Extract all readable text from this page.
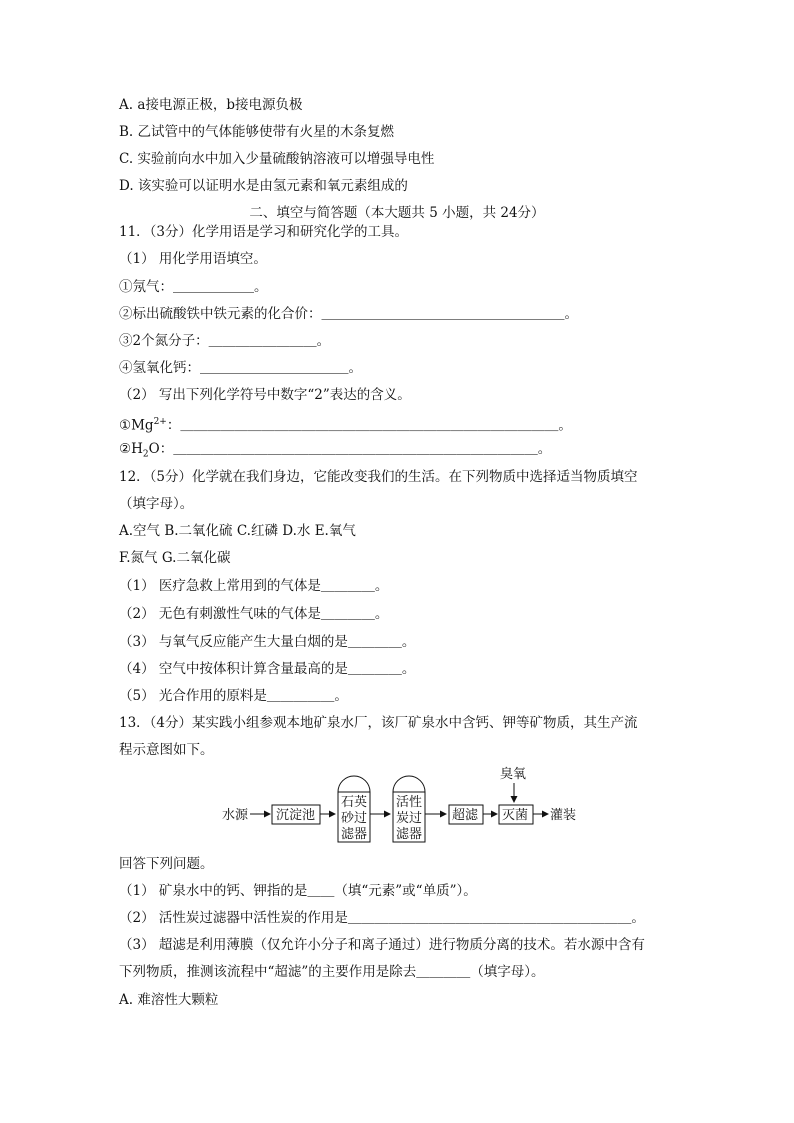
A. a接电源正极，b接电源负极
B. 乙试管中的气体能够使带有火星的木条复燃
C. 实验前向水中加入少量硫酸钠溶液可以增强导电性
D. 该实验可以证明水是由氢元素和氧元素组成的
二、填空与简答题（本大题共 5 小题，共 24分）
11．（3分）化学用语是学习和研究化学的工具。
（1） 用化学用语填空。
①氖气：＿＿＿＿＿＿。
②标出硫酸铁中铁元素的化合价：＿＿＿＿＿＿＿＿＿＿＿＿＿＿＿＿＿＿。
③2个氮分子：＿＿＿＿＿＿＿＿。
④氢氧化钙：＿＿＿＿＿＿＿＿＿＿＿。
（2） 写出下列化学符号中数字“2”表达的含义。
$①Mg^{2+}$：＿＿＿＿＿＿＿＿＿＿＿＿＿＿＿＿＿＿＿＿＿＿＿＿＿＿＿＿。
$②H_2O$：＿＿＿＿＿＿＿＿＿＿＿＿＿＿＿＿＿＿＿＿＿＿＿＿＿＿＿。
12．（5分）化学就在我们身边，它能改变我们的生活。在下列物质中选择适当物质填空
（填字母）。
A.空气 B.二氧化硫 C.红磷 D.水 E.氧气
F.氮气 G.二氧化碳
（1） 医疗急救上常用到的气体是＿＿＿＿。
（2） 无色有刺激性气味的气体是＿＿＿＿。
（3） 与氧气反应能产生大量白烟的是＿＿＿＿。
（4） 空气中按体积计算含量最高的是＿＿＿＿。
（5） 光合作用的原料是＿＿＿＿＿。
13．（4分）某实践小组参观本地矿泉水厂，该厂矿泉水中含钙、钾等矿物质，其生产流
程示意图如下。
水源 沉淀池
石英
砂过
滤器
活性
炭过
滤器
超滤
臭氧
灭菌 灌装
回答下列问题。
（1） 矿泉水中的钙、钾指的是＿＿（填“元素”或“单质”）。
（2） 活性炭过滤器中活性炭的作用是＿＿＿＿＿＿＿＿＿＿＿＿＿＿＿＿＿＿＿＿＿。
（3） 超滤是利用薄膜（仅允许小分子和离子通过）进行物质分离的技术。若水源中含有
下列物质，推测该流程中“超滤”的主要作用是除去＿＿＿＿（填字母）。
A. 难溶性大颗粒
